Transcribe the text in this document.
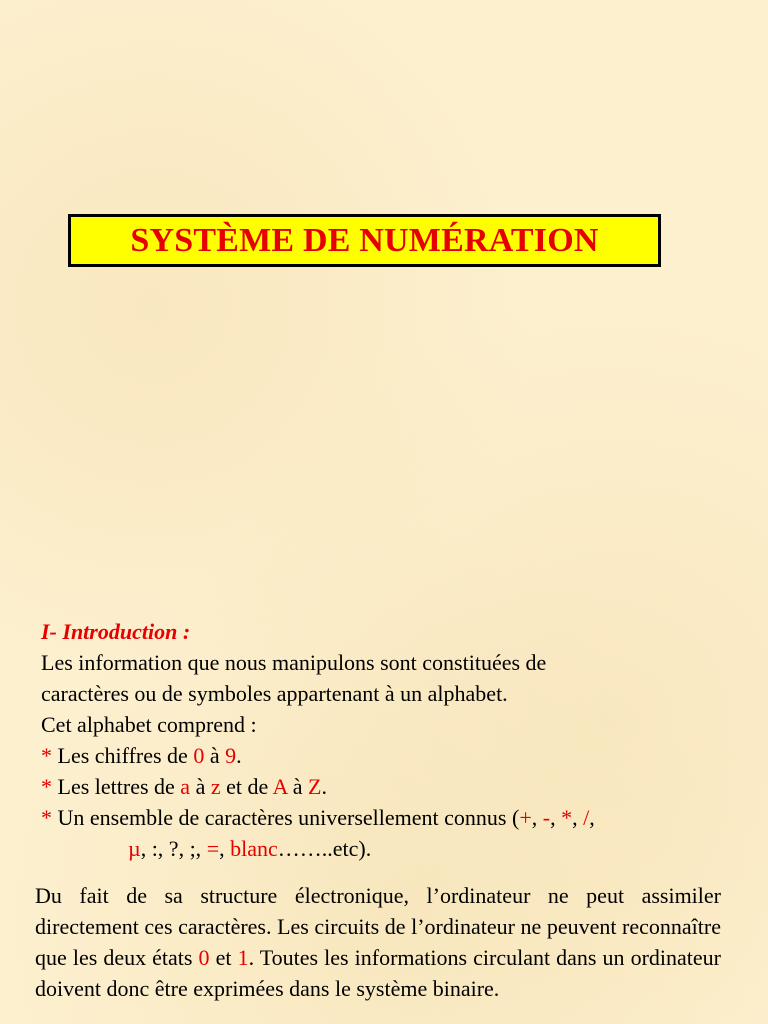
SYSTÈME DE NUMÉRATION
I- Introduction :
Les information que nous manipulons sont constituées de
caractères ou de symboles appartenant à un alphabet.
Cet alphabet comprend :
* Les chiffres de 0 à 9.
* Les lettres de a à z et de A à Z.
* Un ensemble de caractères universellement connus (+, -, *, /,
µ, :, ?, ;, =, blanc……..etc).
Du fait de sa structure électronique, l’ordinateur ne peut assimiler directement ces caractères. Les circuits de l’ordinateur ne peuvent reconnaître que les deux états 0 et 1. Toutes les informations circulant dans un ordinateur doivent donc être exprimées dans le système binaire.
